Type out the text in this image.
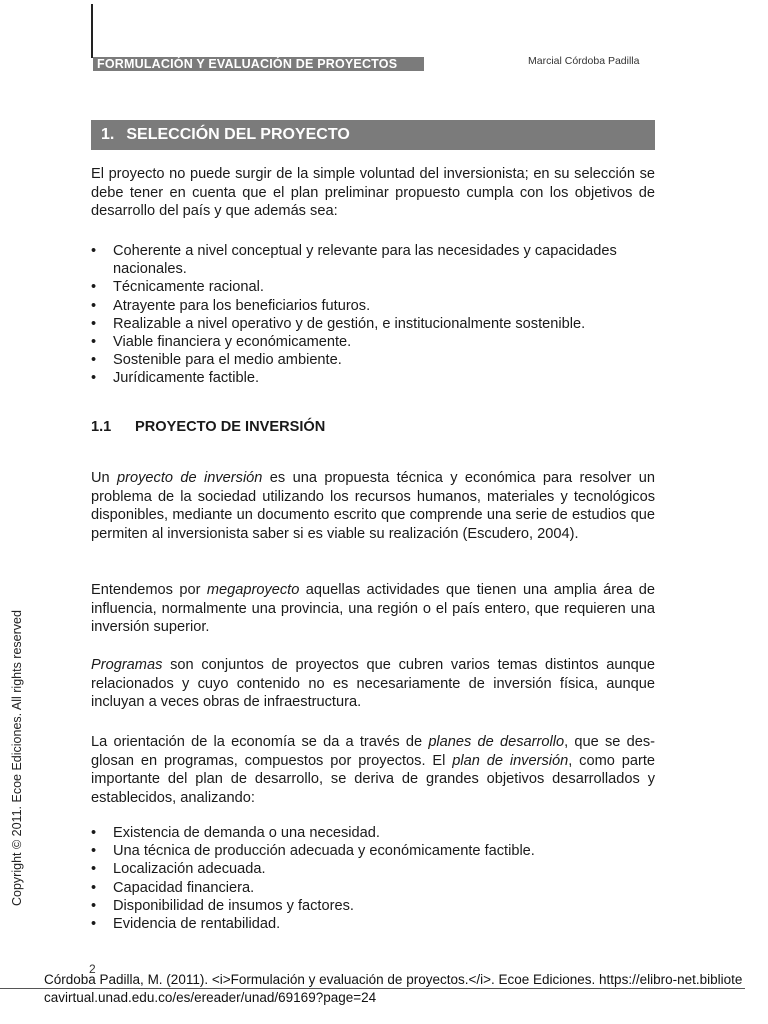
FORMULACIÓN Y EVALUACIÓN DE PROYECTOS	Marcial Córdoba Padilla
1. SELECCIÓN DEL PROYECTO

El proyecto no puede surgir de la simple voluntad del inversionista; en su selección se debe tener en cuenta que el plan preliminar propuesto cumpla con los objetivos de desarrollo del país y que además sea:

• Coherente a nivel conceptual y relevante para las necesidades y capacidades nacionales.
• Técnicamente racional.
• Atrayente para los beneficiarios futuros.
• Realizable a nivel operativo y de gestión, e institucionalmente sostenible.
• Viable financiera y económicamente.
• Sostenible para el medio ambiente.
• Jurídicamente factible.
1.1 PROYECTO DE INVERSIÓN

Un proyecto de inversión es una propuesta técnica y económica para resolver un problema de la sociedad utilizando los recursos humanos, materiales y tecnológicos disponibles, mediante un documento escrito que comprende una serie de estudios que permiten al inversionista saber si es viable su realización (Escudero, 2004).

Entendemos por megaproyecto aquellas actividades que tienen una amplia área de influencia, normalmente una provincia, una región o el país entero, que requieren una inversión superior.

Programas son conjuntos de proyectos que cubren varios temas distintos aunque relacionados y cuyo contenido no es necesariamente de inversión física, aunque incluyan a veces obras de infraestructura.

La orientación de la economía se da a través de planes de desarrollo, que se desglosan en programas, compuestos por proyectos. El plan de inversión, como parte importante del plan de desarrollo, se deriva de grandes objetivos desarrollados y establecidos, analizando:

• Existencia de demanda o una necesidad.
• Una técnica de producción adecuada y económicamente factible.
• Localización adecuada.
• Capacidad financiera.
• Disponibilidad de insumos y factores.
• Evidencia de rentabilidad.
Copyright © 2011. Ecoe Ediciones. All rights reserved
2
Córdoba Padilla, M. (2011). <i>Formulación y evaluación de proyectos.</i>. Ecoe Ediciones. https://elibro-net.bibliotecavirtual.unad.edu.co/es/ereader/unad/69169?page=24
